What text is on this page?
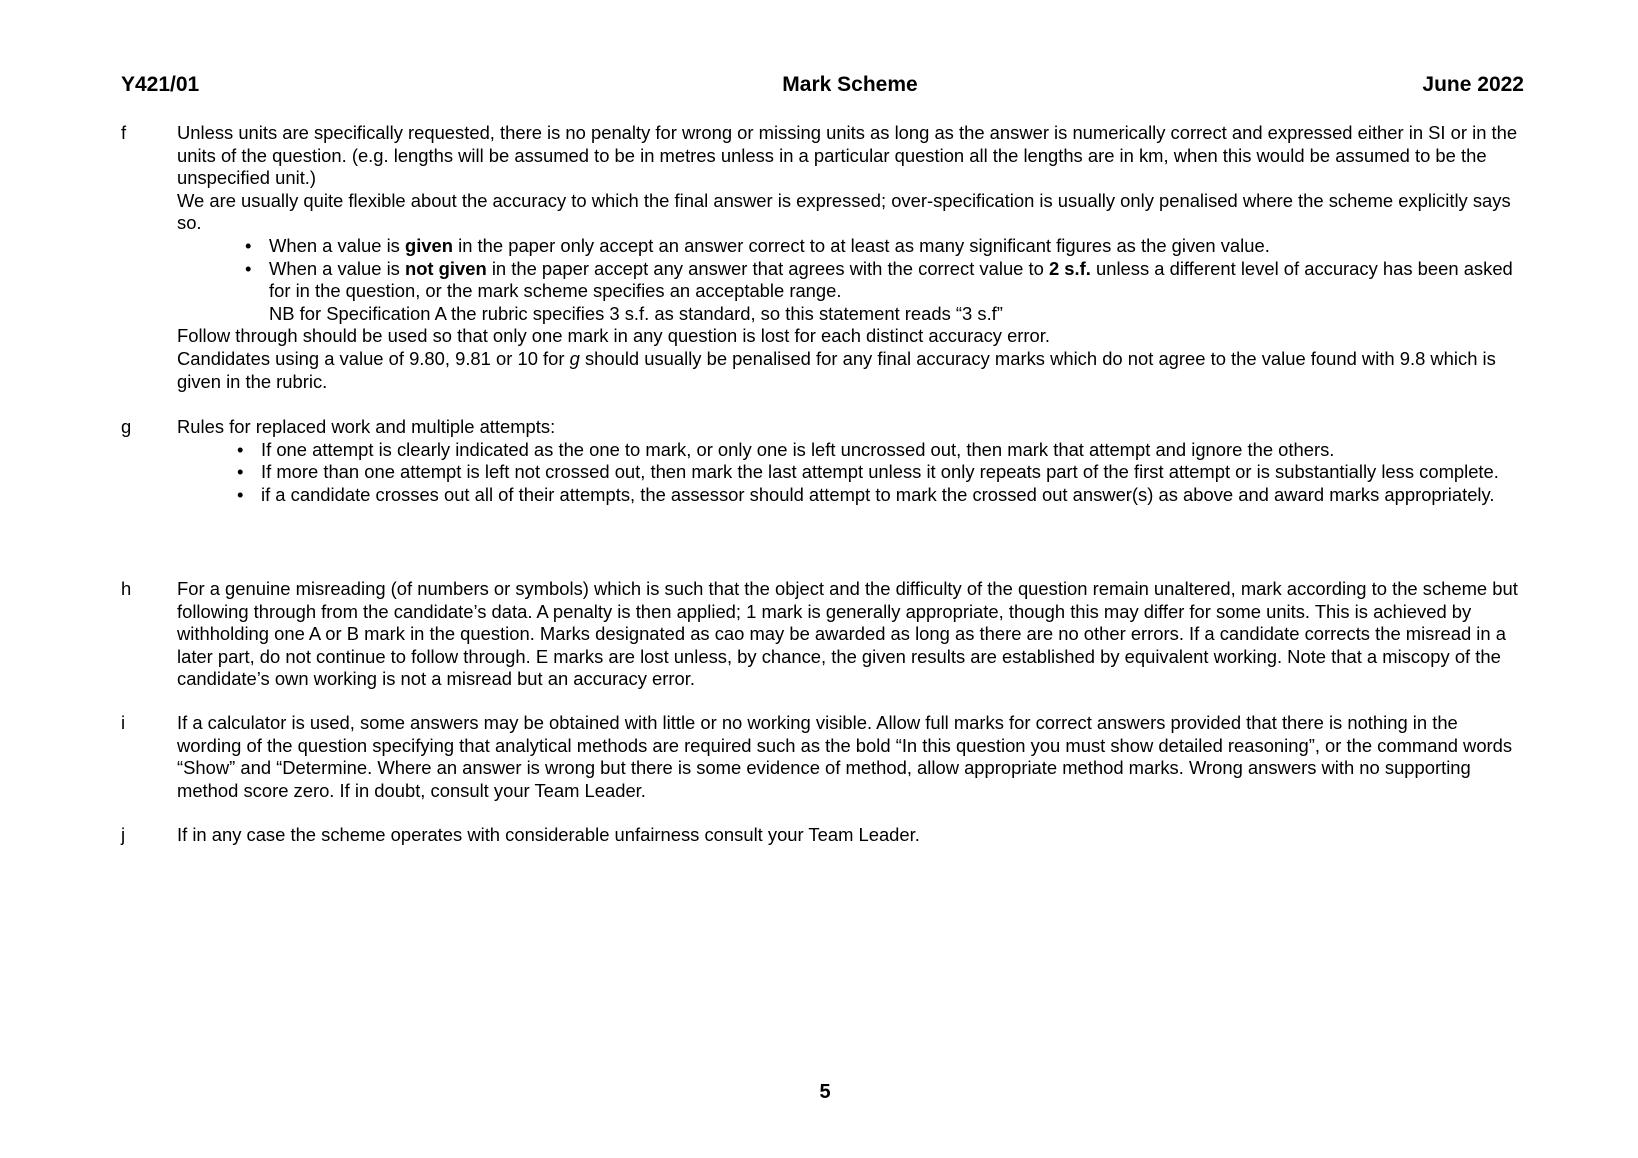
Y421/01	Mark Scheme	June 2022
f	Unless units are specifically requested, there is no penalty for wrong or missing units as long as the answer is numerically correct and expressed either in SI or in the units of the question. (e.g. lengths will be assumed to be in metres unless in a particular question all the lengths are in km, when this would be assumed to be the unspecified unit.)

We are usually quite flexible about the accuracy to which the final answer is expressed; over-specification is usually only penalised where the scheme explicitly says so.

• When a value is given in the paper only accept an answer correct to at least as many significant figures as the given value.
• When a value is not given in the paper accept any answer that agrees with the correct value to 2 s.f. unless a different level of accuracy has been asked for in the question, or the mark scheme specifies an acceptable range.
NB for Specification A the rubric specifies 3 s.f. as standard, so this statement reads “3 s.f”

Follow through should be used so that only one mark in any question is lost for each distinct accuracy error.

Candidates using a value of 9.80, 9.81 or 10 for g should usually be penalised for any final accuracy marks which do not agree to the value found with 9.8 which is given in the rubric.

g Rules for replaced work and multiple attempts:

• If one attempt is clearly indicated as the one to mark, or only one is left uncrossed out, then mark that attempt and ignore the others.
• If more than one attempt is left not crossed out, then mark the last attempt unless it only repeats part of the first attempt or is substantially less complete.
• if a candidate crosses out all of their attempts, the assessor should attempt to mark the crossed out answer(s) as above and award marks appropriately.
h For a genuine misreading (of numbers or symbols) which is such that the object and the difficulty of the question remain unaltered, mark according to the scheme but following through from the candidate’s data. A penalty is then applied; 1 mark is generally appropriate, though this may differ for some units. This is achieved by withholding one A or B mark in the question. Marks designated as cao may be awarded as long as there are no other errors. If a candidate corrects the misread in a later part, do not continue to follow through. E marks are lost unless, by chance, the given results are established by equivalent working. Note that a miscopy of the candidate’s own working is not a misread but an accuracy error.

i	If a calculator is used, some answers may be obtained with little or no working visible. Allow full marks for correct answers provided that there is nothing in the wording of the question specifying that analytical methods are required such as the bold “In this question you must show detailed reasoning”, or the command words “Show” and “Determine. Where an answer is wrong but there is some evidence of method, allow appropriate method marks. Wrong answers with no supporting method score zero. If in doubt, consult your Team Leader.

j	If in any case the scheme operates with considerable unfairness consult your Team Leader.

5
